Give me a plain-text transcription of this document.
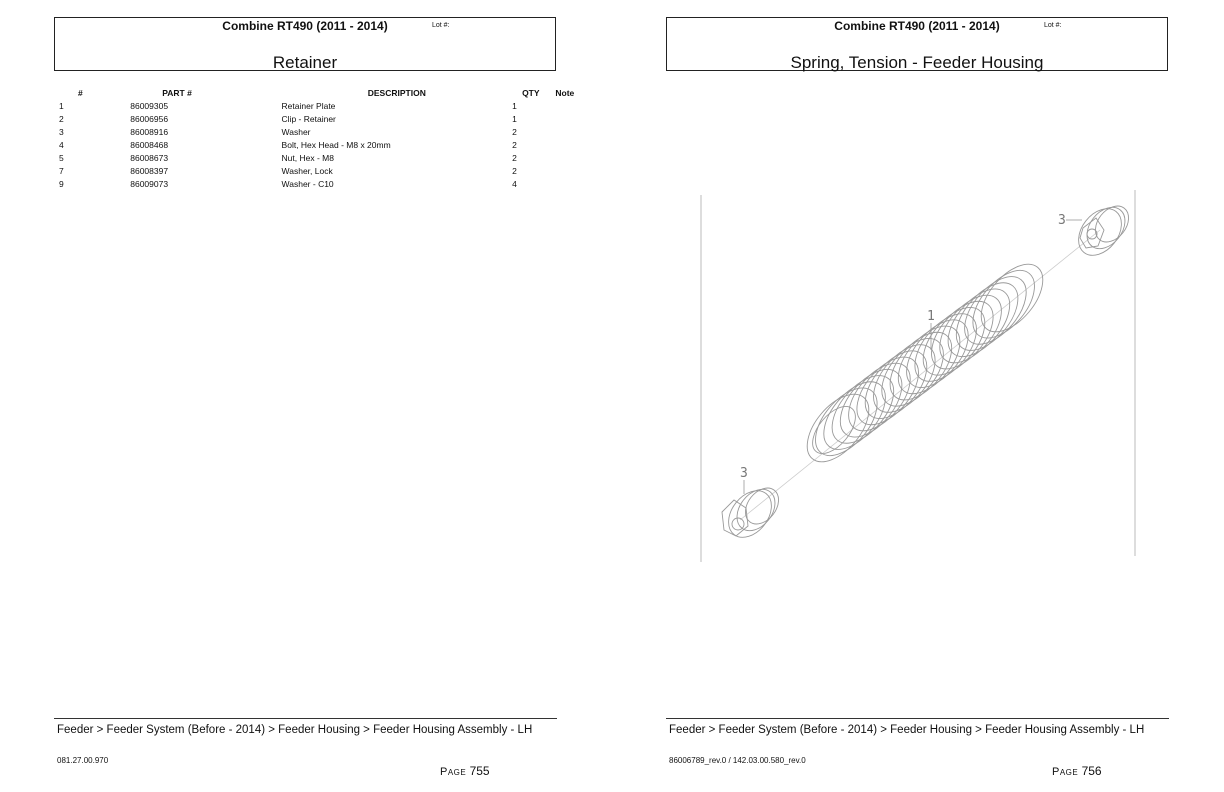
Combine RT490 (2011 - 2014)	Lot #:
Retainer
#	PART #	DESCRIPTION	QTY	Note
1	86009305	Retainer Plate	1	
2	86006956	Clip - Retainer	1	
3	86008916	Washer	2	
4	86008468	Bolt, Hex Head - M8 x 20mm	2	
5	86008673	Nut, Hex - M8	2	
7	86008397	Washer, Lock	2	
9	86009073	Washer - C10	4	
Feeder > Feeder System (Before - 2014) > Feeder Housing > Feeder Housing Assembly - LH
081.27.00.970
Page 755
Combine RT490 (2011 - 2014)	Lot #:
Spring, Tension - Feeder Housing
1
3
3
Feeder > Feeder System (Before - 2014) > Feeder Housing > Feeder Housing Assembly - LH
86006789_rev.0 / 142.03.00.580_rev.0
Page 756
